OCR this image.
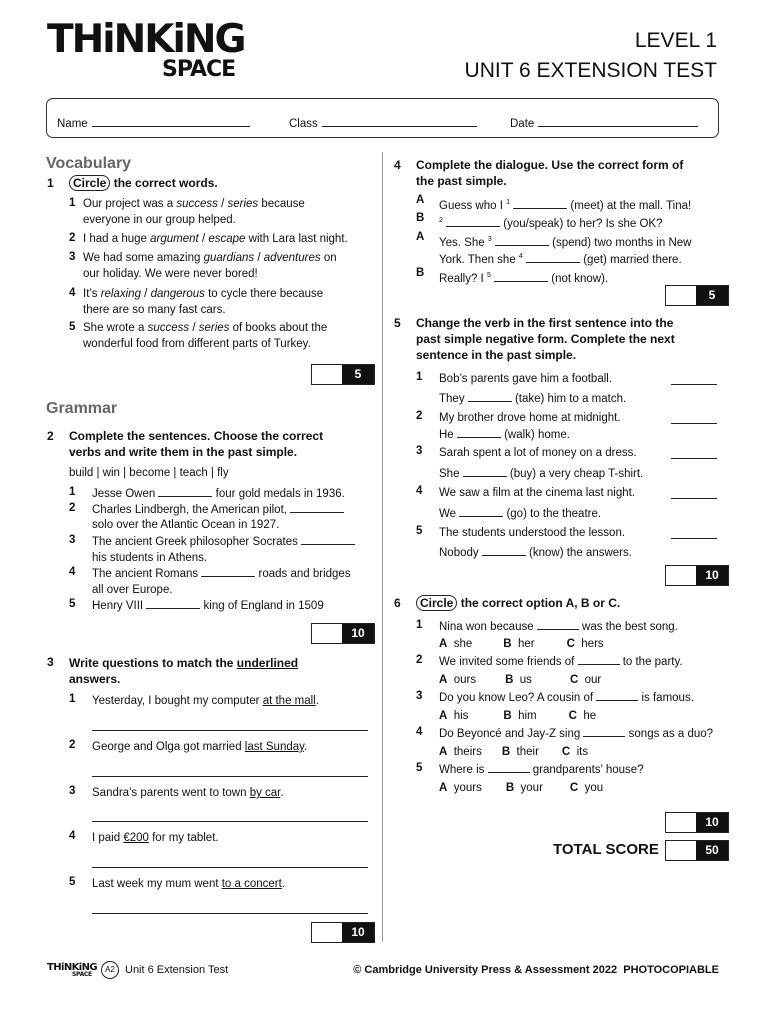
THiNKiNG
SPACE
LEVEL 1
UNIT 6 EXTENSION TEST
Name	Class	Date
Vocabulary
1	Circle the correct words.
1 Our project was a success / series because
everyone in our group helped.
2 I had a huge argument / escape with Lara last night.
3 We had some amazing guardians / adventures on
our holiday. We were never bored!
4 It’s relaxing / dangerous to cycle there because
there are so many fast cars.
5 She wrote a success / series of books about the
wonderful food from different parts of Turkey.
5
Grammar
2 Complete the sentences. Choose the correct
verbs and write them in the past simple.
build | win | become | teach | fly
1 Jesse Owen	four gold medals in 1936.
2 Charles Lindbergh, the American pilot,
solo over the Atlantic Ocean in 1927.
3 The ancient Greek philosopher Socrates
his students in Athens.
4 The ancient Romans	roads and bridges
all over Europe.
5 Henry VIII	king of England in 1509
10
3 Write questions to match the underlined
answers.
1 Yesterday, I bought my computer at the mall.
2 George and Olga got married last Sunday.
3 Sandra’s parents went to town by car.
4 I paid €200 for my tablet.
5 Last week my mum went to a concert.
10
4 Complete the dialogue. Use the correct form of
the past simple.
A Guess who I $^1$	(meet) at the mall. Tina!
B $^2$	(you/speak) to her? Is she OK?
A Yes. She $^3$	(spend) two months in New
York. Then she $^4$	(get) married there.
B Really? I $^5$	(not know).
5
5 Change the verb in the first sentence into the
past simple negative form. Complete the next
sentence in the past simple.
1 Bob’s parents gave him a football.
They	(take) him to a match.
2 My brother drove home at midnight.
He	(walk) home.
3 Sarah spent a lot of money on a dress.
She	(buy) a very cheap T-shirt.
4 We saw a film at the cinema last night.
We	(go) to the theatre.
5 The students understood the lesson.
Nobody	(know) the answers.
10
6	Circle the correct option A, B or C.
1 Nina won because	was the best song.
A  she	B  her	C  hers
2 We invited some friends of	to the party.
A  ours	B  us	C  our
3 Do you know Leo? A cousin of	is famous.
A  his	B  him	C  he
4 Do Beyoncé and Jay-Z sing	songs as a duo?
A  theirs B  their C  its
5 Where is	grandparents’ house?
A  yours B  your C  you
10
TOTAL SCORE	50
THiNKiNG
SPACE
A2 Unit 6 Extension Test	© Cambridge University Press & Assessment 2022 PHOTOCOPIABLE
